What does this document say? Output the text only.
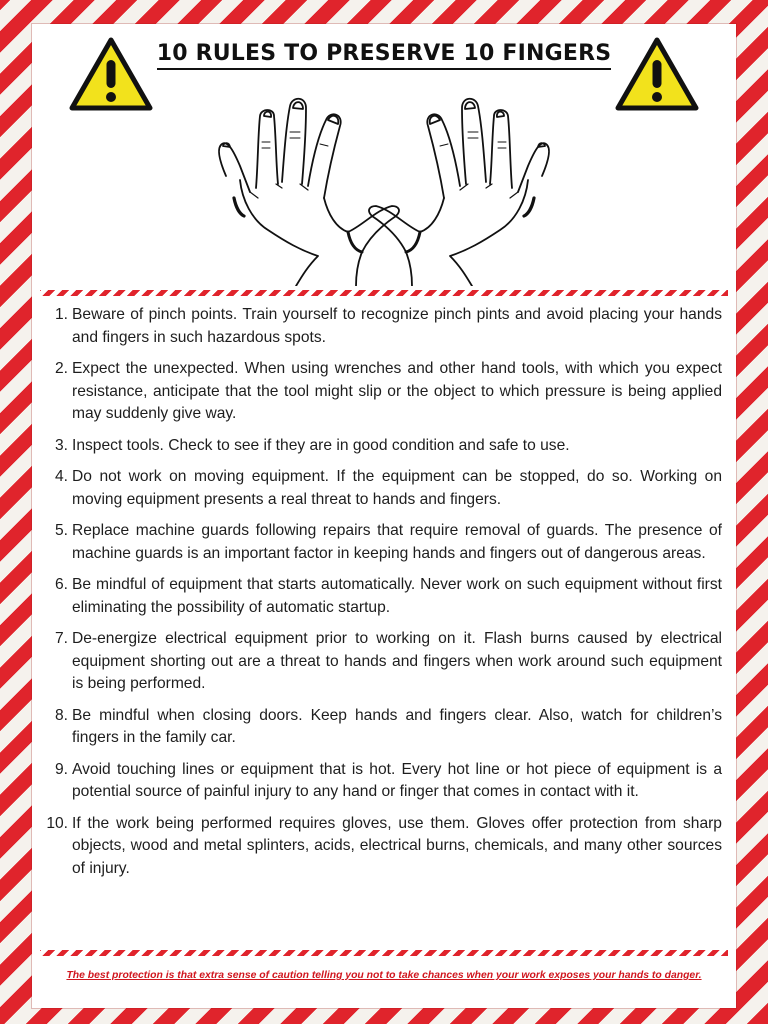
10 RULES TO PRESERVE 10 FINGERS
1. Beware of pinch points. Train yourself to recognize pinch pints and avoid placing your hands and fingers in such hazardous spots.
2. Expect the unexpected. When using wrenches and other hand tools, with which you expect resistance, anticipate that the tool might slip or the object to which pressure is being applied may suddenly give way.
3. Inspect tools. Check to see if they are in good condition and safe to use.
4. Do not work on moving equipment. If the equipment can be stopped, do so. Working on moving equipment presents a real threat to hands and fingers.
5. Replace machine guards following repairs that require removal of guards. The presence of machine guards is an important factor in keeping hands and fingers out of dangerous areas.
6. Be mindful of equipment that starts automatically. Never work on such equipment without first eliminating the possibility of automatic startup.
7. De-energize electrical equipment prior to working on it. Flash burns caused by electrical equipment shorting out are a threat to hands and fingers when work around such equipment is being performed.
8. Be mindful when closing doors. Keep hands and fingers clear. Also, watch for children’s fingers in the family car.
9. Avoid touching lines or equipment that is hot. Every hot line or hot piece of equipment is a potential source of painful injury to any hand or finger that comes in contact with it.
10. If the work being performed requires gloves, use them. Gloves offer protection from sharp objects, wood and metal splinters, acids, electrical burns, chemicals, and many other sources of injury.
The best protection is that extra sense of caution telling you not to take chances when your work exposes your hands to danger.
